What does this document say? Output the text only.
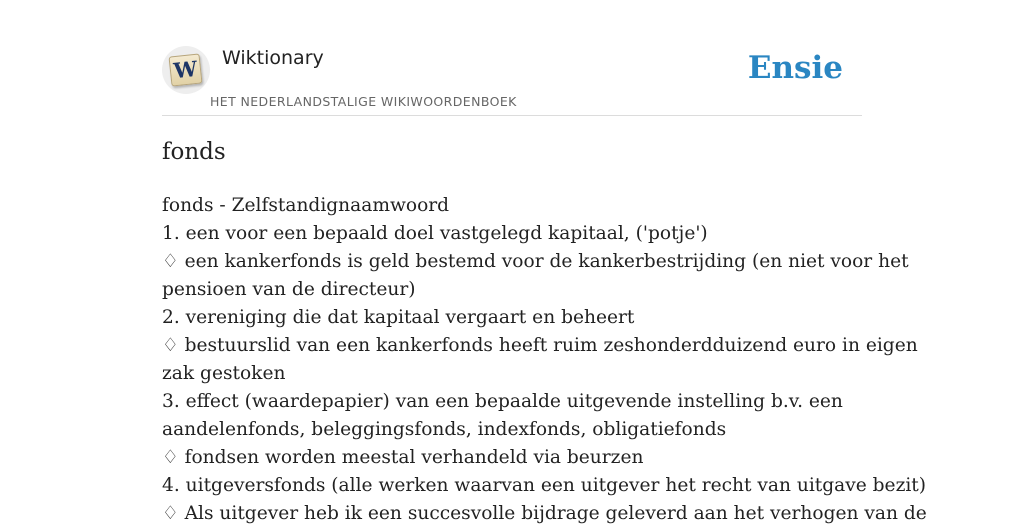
W Wiktionary
HET NEDERLANDSTALIGE WIKIWOORDENBOEK
Ensie
fonds
fonds - Zelfstandignaamwoord
1. een voor een bepaald doel vastgelegd kapitaal, ('potje')
♢ een kankerfonds is geld bestemd voor de kankerbestrijding (en niet voor het
pensioen van de directeur)
2. vereniging die dat kapitaal vergaart en beheert
♢ bestuurslid van een kankerfonds heeft ruim zeshonderdduizend euro in eigen
zak gestoken
3. effect (waardepapier) van een bepaalde uitgevende instelling b.v. een
aandelenfonds, beleggingsfonds, indexfonds, obligatiefonds
♢ fondsen worden meestal verhandeld via beurzen
4. uitgeversfonds (alle werken waarvan een uitgever het recht van uitgave bezit)
♢ Als uitgever heb ik een succesvolle bijdrage geleverd aan het verhogen van de
